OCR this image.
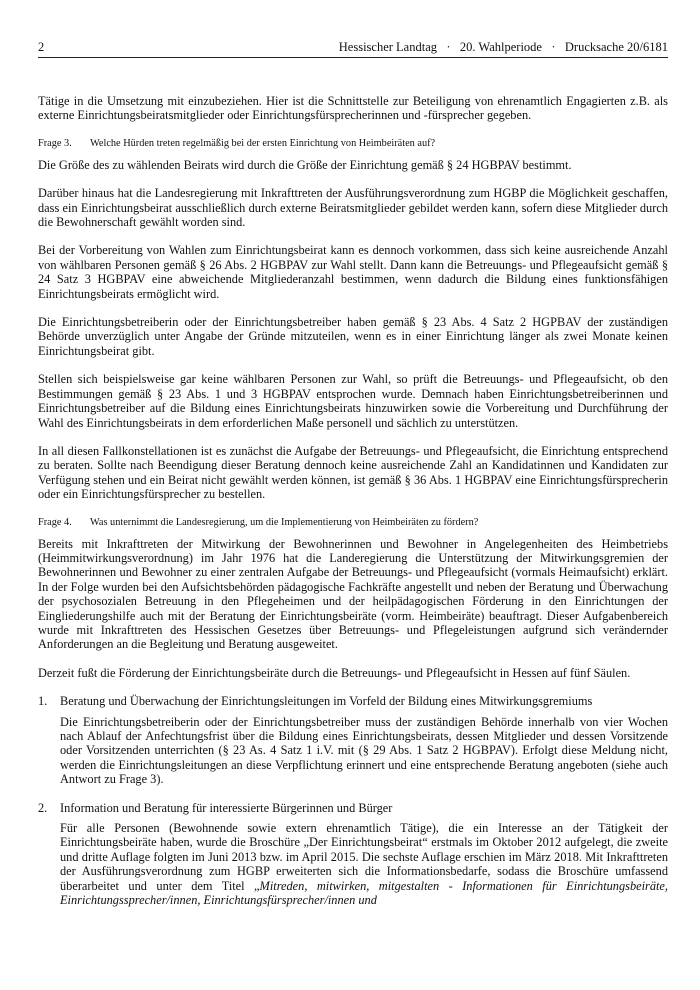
2	Hessischer Landtag   ·   20. Wahlperiode   ·   Drucksache 20/6181

Tätige in die Umsetzung mit einzubeziehen. Hier ist die Schnittstelle zur Beteiligung von ehrenamtlich Engagierten z.B. als externe Einrichtungsbeiratsmitglieder oder Einrichtungsfürsprecherinnen und -fürsprecher gegeben.

Frage 3.	Welche Hürden treten regelmäßig bei der ersten Einrichtung von Heimbeiräten auf?

Die Größe des zu wählenden Beirats wird durch die Größe der Einrichtung gemäß § 24 HGBPAV bestimmt.

Darüber hinaus hat die Landesregierung mit Inkrafttreten der Ausführungsverordnung zum HGBP die Möglichkeit geschaffen, dass ein Einrichtungsbeirat ausschließlich durch externe Beiratsmitglieder gebildet werden kann, sofern diese Mitglieder durch die Bewohnerschaft gewählt worden sind.

Bei der Vorbereitung von Wahlen zum Einrichtungsbeirat kann es dennoch vorkommen, dass sich keine ausreichende Anzahl von wählbaren Personen gemäß § 26 Abs. 2 HGBPAV zur Wahl stellt. Dann kann die Betreuungs- und Pflegeaufsicht gemäß § 24 Satz 3 HGBPAV eine abweichende Mitgliederanzahl bestimmen, wenn dadurch die Bildung eines funktionsfähigen Einrichtungsbeirats ermöglicht wird.

Die Einrichtungsbetreiberin oder der Einrichtungsbetreiber haben gemäß § 23 Abs. 4 Satz 2 HGPBAV der zuständigen Behörde unverzüglich unter Angabe der Gründe mitzuteilen, wenn es in einer Einrichtung länger als zwei Monate keinen Einrichtungsbeirat gibt.

Stellen sich beispielsweise gar keine wählbaren Personen zur Wahl, so prüft die Betreuungs- und Pflegeaufsicht, ob den Bestimmungen gemäß § 23 Abs. 1 und 3 HGBPAV entsprochen wurde. Demnach haben Einrichtungsbetreiberinnen und Einrichtungsbetreiber auf die Bildung eines Einrichtungsbeirats hinzuwirken sowie die Vorbereitung und Durchführung der Wahl des Einrichtungsbeirats in dem erforderlichen Maße personell und sächlich zu unterstützen.

In all diesen Fallkonstellationen ist es zunächst die Aufgabe der Betreuungs- und Pflegeaufsicht, die Einrichtung entsprechend zu beraten. Sollte nach Beendigung dieser Beratung dennoch keine ausreichende Zahl an Kandidatinnen und Kandidaten zur Verfügung stehen und ein Beirat nicht gewählt werden können, ist gemäß § 36 Abs. 1 HGBPAV eine Einrichtungsfürsprecherin oder ein Einrichtungsfürsprecher zu bestellen.

Frage 4.	Was unternimmt die Landesregierung, um die Implementierung von Heimbeiräten zu fördern?

Bereits mit Inkrafttreten der Mitwirkung der Bewohnerinnen und Bewohner in Angelegenheiten des Heimbetriebs (Heimmitwirkungsverordnung) im Jahr 1976 hat die Landeregierung die Unterstützung der Mitwirkungsgremien der Bewohnerinnen und Bewohner zu einer zentralen Aufgabe der Betreuungs- und Pflegeaufsicht (vormals Heimaufsicht) erklärt. In der Folge wurden bei den Aufsichtsbehörden pädagogische Fachkräfte angestellt und neben der Beratung und Überwachung der psychosozialen Betreuung in den Pflegeheimen und der heilpädagogischen Förderung in den Einrichtungen der Eingliederungshilfe auch mit der Beratung der Einrichtungsbeiräte (vorm. Heimbeiräte) beauftragt. Dieser Aufgabenbereich wurde mit Inkrafttreten des Hessischen Gesetzes über Betreuungs- und Pflegeleistungen aufgrund sich verändernder Anforderungen an die Begleitung und Beratung ausgeweitet.

Derzeit fußt die Förderung der Einrichtungsbeiräte durch die Betreuungs- und Pflegeaufsicht in Hessen auf fünf Säulen.

1.	Beratung und Überwachung der Einrichtungsleitungen im Vorfeld der Bildung eines Mitwirkungsgremiums

Die Einrichtungsbetreiberin oder der Einrichtungsbetreiber muss der zuständigen Behörde innerhalb von vier Wochen nach Ablauf der Anfechtungsfrist über die Bildung eines Einrichtungsbeirats, dessen Mitglieder und dessen Vorsitzende oder Vorsitzenden unterrichten (§ 23 As. 4 Satz 1 i.V. mit (§ 29 Abs. 1 Satz 2 HGBPAV). Erfolgt diese Meldung nicht, werden die Einrichtungsleitungen an diese Verpflichtung erinnert und eine entsprechende Beratung angeboten (siehe auch Antwort zu Frage 3).

2.	Information und Beratung für interessierte Bürgerinnen und Bürger

Für alle Personen (Bewohnende sowie extern ehrenamtlich Tätige), die ein Interesse an der Tätigkeit der Einrichtungsbeiräte haben, wurde die Broschüre „Der Einrichtungsbeirat“ erstmals im Oktober 2012 aufgelegt, die zweite und dritte Auflage folgten im Juni 2013 bzw. im April 2015. Die sechste Auflage erschien im März 2018. Mit Inkrafttreten der Ausführungsverordnung zum HGBP erweiterten sich die Informationsbedarfe, sodass die Broschüre umfassend überarbeitet und unter dem Titel „Mitreden, mitwirken, mitgestalten - Informationen für Einrichtungsbeiräte, Einrichtungssprecher/innen, Einrichtungsfürsprecher/innen und
